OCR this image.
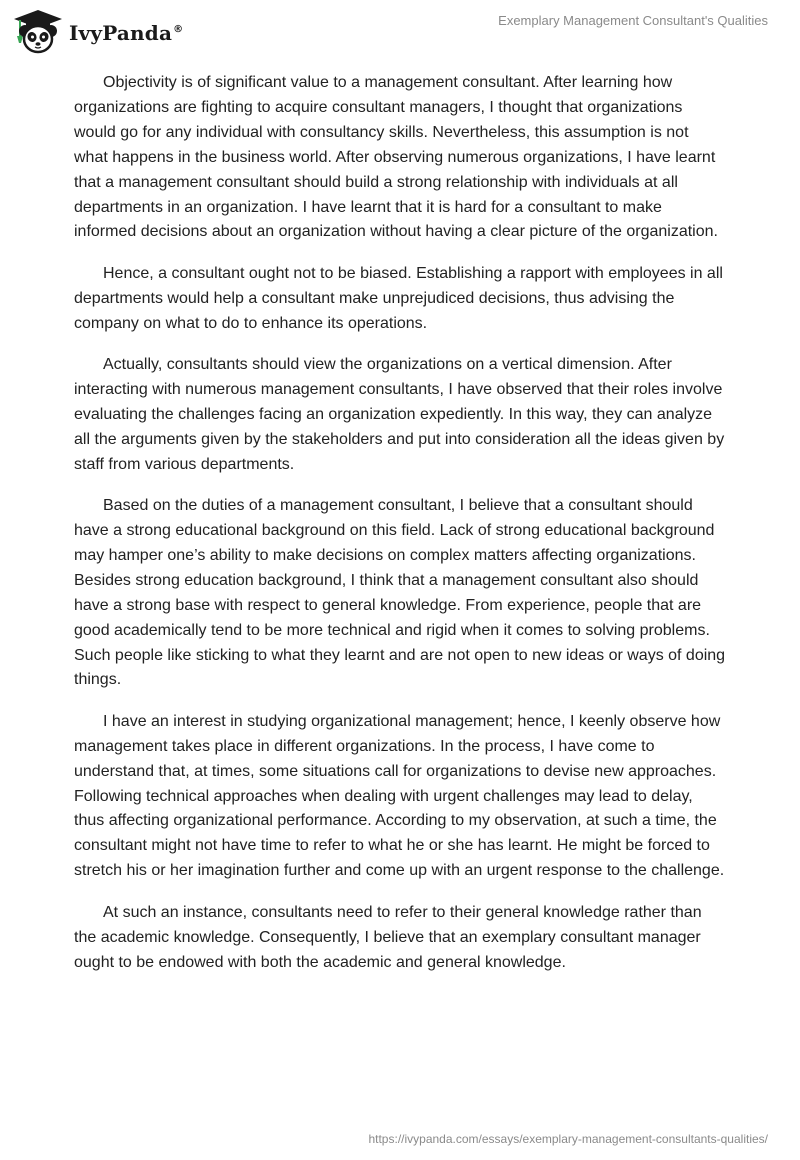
IvyPanda®
Exemplary Management Consultant's Qualities

Objectivity is of significant value to a management consultant. After learning how organizations are fighting to acquire consultant managers, I thought that organizations would go for any individual with consultancy skills. Nevertheless, this assumption is not what happens in the business world. After observing numerous organizations, I have learnt that a management consultant should build a strong relationship with individuals at all departments in an organization. I have learnt that it is hard for a consultant to make informed decisions about an organization without having a clear picture of the organization.

Hence, a consultant ought not to be biased. Establishing a rapport with employees in all departments would help a consultant make unprejudiced decisions, thus advising the company on what to do to enhance its operations.

Actually, consultants should view the organizations on a vertical dimension. After interacting with numerous management consultants, I have observed that their roles involve evaluating the challenges facing an organization expediently. In this way, they can analyze all the arguments given by the stakeholders and put into consideration all the ideas given by staff from various departments.

Based on the duties of a management consultant, I believe that a consultant should have a strong educational background on this field. Lack of strong educational background may hamper one’s ability to make decisions on complex matters affecting organizations. Besides strong education background, I think that a management consultant also should have a strong base with respect to general knowledge. From experience, people that are good academically tend to be more technical and rigid when it comes to solving problems. Such people like sticking to what they learnt and are not open to new ideas or ways of doing things.

I have an interest in studying organizational management; hence, I keenly observe how management takes place in different organizations. In the process, I have come to understand that, at times, some situations call for organizations to devise new approaches. Following technical approaches when dealing with urgent challenges may lead to delay, thus affecting organizational performance. According to my observation, at such a time, the consultant might not have time to refer to what he or she has learnt. He might be forced to stretch his or her imagination further and come up with an urgent response to the challenge.

At such an instance, consultants need to refer to their general knowledge rather than the academic knowledge. Consequently, I believe that an exemplary consultant manager ought to be endowed with both the academic and general knowledge.

https://ivypanda.com/essays/exemplary-management-consultants-qualities/
